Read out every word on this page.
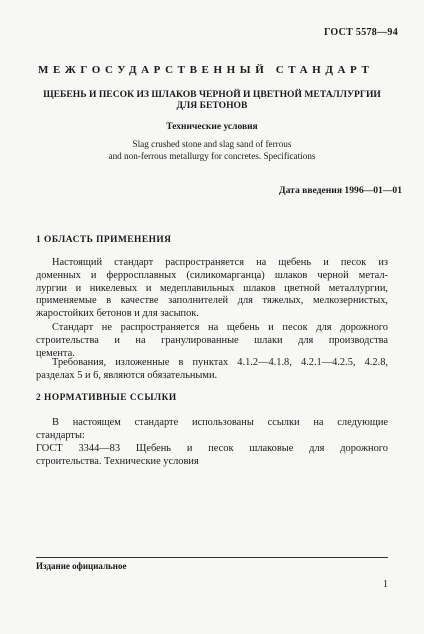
ГОСТ 5578—94
МЕЖГОСУДАРСТВЕННЫЙ СТАНДАРТ
ЩЕБЕНЬ И ПЕСОК ИЗ ШЛАКОВ ЧЕРНОЙ И ЦВЕТНОЙ МЕТАЛЛУРГИИ
ДЛЯ БЕТОНОВ
Технические условия
Slag crushed stone and slag sand of ferrous
and non-ferrous metallurgy for concretes. Specifications
Дата введения 1996—01—01
1 ОБЛАСТЬ ПРИМЕНЕНИЯ
Настоящий стандарт распространяется на щебень и песок из
доменных и ферросплавных (силикомарганца) шлаков черной метал-
лургии и никелевых и медеплавильных шлаков цветной металлургии,
применяемые в качестве заполнителей для тяжелых, мелкозернистых,
жаростойких бетонов и для засыпок.
Стандарт не распространяется на щебень и песок для дорожного
строительства и на гранулированные шлаки для производства
цемента.
Требования, изложенные в пунктах 4.1.2—4.1.8, 4.2.1—4.2.5, 4.2.8,
разделах 5 и 6, являются обязательными.
2 НОРМАТИВНЫЕ ССЫЛКИ
В настоящем стандарте использованы ссылки на следующие
стандарты:
ГОСТ 3344—83 Щебень и песок шлаковые для дорожного
строительства. Технические условия
Издание официальное
1
